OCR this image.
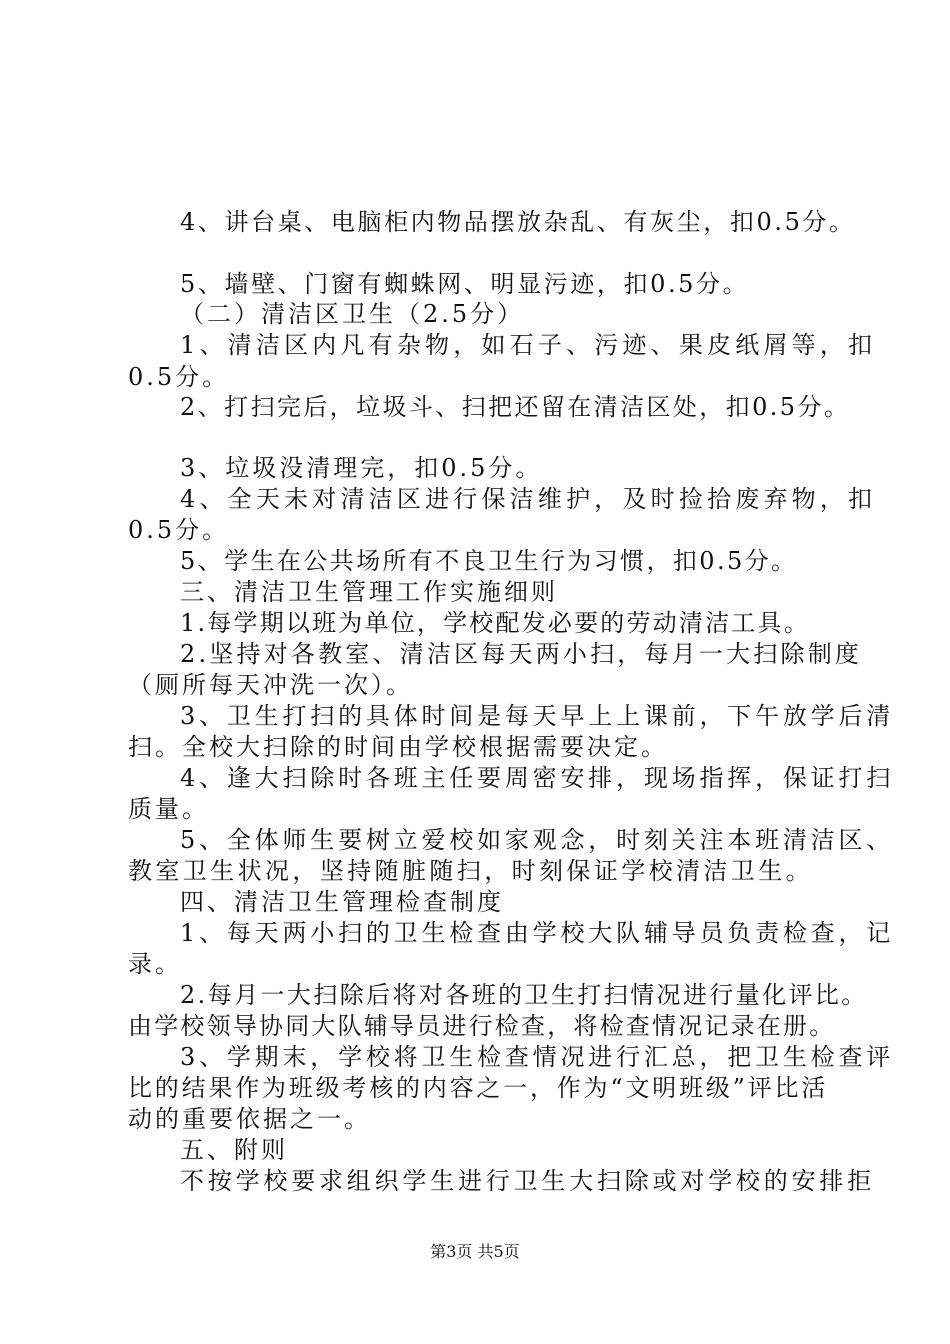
4、讲台桌、电脑柜内物品摆放杂乱、有灰尘，扣0.5分。
5、墙壁、门窗有蜘蛛网、明显污迹，扣0.5分。
（二）清洁区卫生（2.5分）
1、清洁区内凡有杂物，如石子、污迹、果皮纸屑等，扣
0.5分。
2、打扫完后，垃圾斗、扫把还留在清洁区处，扣0.5分。
3、垃圾没清理完，扣0.5分。
4、全天未对清洁区进行保洁维护，及时捡拾废弃物，扣
0.5分。
5、学生在公共场所有不良卫生行为习惯，扣0.5分。
三、清洁卫生管理工作实施细则
1.每学期以班为单位，学校配发必要的劳动清洁工具。
2.坚持对各教室、清洁区每天两小扫，每月一大扫除制度
（厕所每天冲洗一次）。
3、卫生打扫的具体时间是每天早上上课前，下午放学后清
扫。全校大扫除的时间由学校根据需要决定。
4、逢大扫除时各班主任要周密安排，现场指挥，保证打扫
质量。
5、全体师生要树立爱校如家观念，时刻关注本班清洁区、
教室卫生状况，坚持随脏随扫，时刻保证学校清洁卫生。
四、清洁卫生管理检查制度
1、每天两小扫的卫生检查由学校大队辅导员负责检查，记
录。
2.每月一大扫除后将对各班的卫生打扫情况进行量化评比。
由学校领导协同大队辅导员进行检查，将检查情况记录在册。
3、学期末，学校将卫生检查情况进行汇总，把卫生检查评
比的结果作为班级考核的内容之一，作为“文明班级”评比活
动的重要依据之一。
五、附则
不按学校要求组织学生进行卫生大扫除或对学校的安排拒
第3页 共5页
